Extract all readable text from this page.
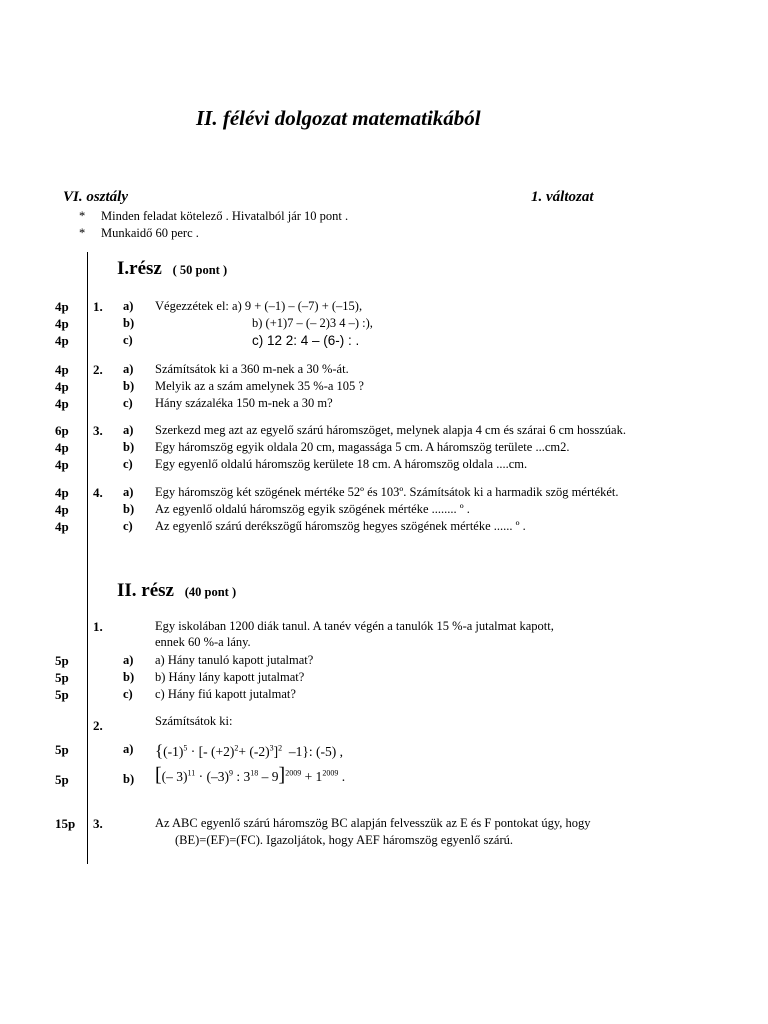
II. félévi dolgozat matematikából
VI. osztály	1. változat
* Minden feladat kötelező . Hivatalból jár 10 pont .
* Munkaidő 60 perc .
I.rész ( 50 pont )
4p 1. a) Végezzétek el: a) 9 + (–1) – (–7) + (–15),
4p	b)	b) (+1)7 – (– 2)3 4 –) :),
4p	c)	c) 12 2: 4 – (6-) : .
4p 2. a) Számítsátok ki a 360 m-nek a 30 %-át.
4p	b) Melyik az a szám amelynek 35 %-a 105 ?
4p	c) Hány százaléka 150 m-nek a 30 m?
6p 3. a) Szerkezd meg azt az egyelő szárú háromszöget, melynek alapja 4 cm és szárai 6 cm hosszúak.
4p	b) Egy háromszög egyik oldala 20 cm, magassága 5 cm. A háromszög területe ...cm2.
4p	c) Egy egyenlő oldalú háromszög kerülete 18 cm. A háromszög oldala ....cm.
4p 4. a) Egy háromszög két szögének mértéke 52º és 103º. Számítsátok ki a harmadik szög mértékét.
4p	b) Az egyenlő oldalú háromszög egyik szögének mértéke ........ º .
4p	c) Az egyenlő szárú derékszögű háromszög hegyes szögének mértéke ...... º .
II. rész (40 pont )
1.	Egy iskolában 1200 diák tanul. A tanév végén a tanulók 15 %-a jutalmat kapott,
ennek 60 %-a lány.
5p	a) a) Hány tanuló kapott jutalmat?
5p	b) b) Hány lány kapott jutalmat?
5p	c) c) Hány fiú kapott jutalmat?
2.	Számítsátok ki:
5p	a) {$(-1)^5$ · [- $(+2)^2+ (-2)^3]^2$  –1}: (-5) ,
5p	b) [(– $3)^{11} \cdot (-3)^9$ : $3^{18} - 9]^{2009} + 1^{2009}$ .
15p 3.	Az ABC egyenlő szárú háromszög BC alapján felvesszük az E és F pontokat úgy, hogy
(BE)=(EF)=(FC). Igazoljátok, hogy AEF háromszög egyenlő szárú.
